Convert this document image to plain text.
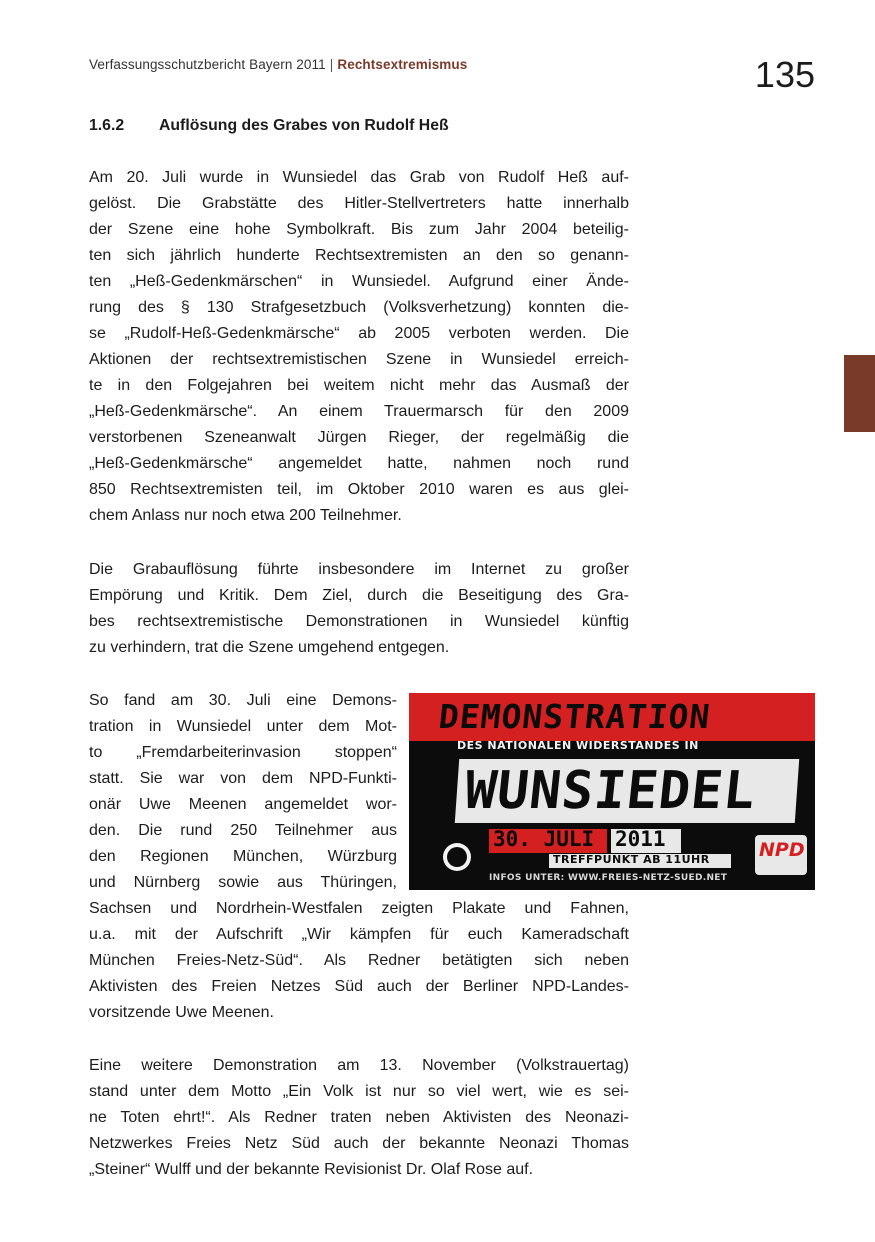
Verfassungsschutzbericht Bayern 2011 | Rechtsextremismus	135
1.6.2 Auflösung des Grabes von Rudolf Heß
Am 20. Juli wurde in Wunsiedel das Grab von Rudolf Heß auf-
gelöst. Die Grabstätte des Hitler-Stellvertreters hatte innerhalb
der Szene eine hohe Symbolkraft. Bis zum Jahr 2004 beteilig-
ten sich jährlich hunderte Rechtsextremisten an den so genann-
ten „Heß-Gedenkmärschen“ in Wunsiedel. Aufgrund einer Ände-
rung des § 130 Strafgesetzbuch (Volksverhetzung) konnten die-
se „Rudolf-Heß-Gedenkmärsche“ ab 2005 verboten werden. Die
Aktionen der rechtsextremistischen Szene in Wunsiedel erreich-
te in den Folgejahren bei weitem nicht mehr das Ausmaß der
„Heß-Gedenkmärsche“. An einem Trauermarsch für den 2009
verstorbenen Szeneanwalt Jürgen Rieger, der regelmäßig die
„Heß-Gedenkmärsche“ angemeldet hatte, nahmen noch rund
850 Rechtsextremisten teil, im Oktober 2010 waren es aus glei-
chem Anlass nur noch etwa 200 Teilnehmer.
Die Grabauflösung führte insbesondere im Internet zu großer
Empörung und Kritik. Dem Ziel, durch die Beseitigung des Gra-
bes rechtsextremistische Demonstrationen in Wunsiedel künftig
zu verhindern, trat die Szene umgehend entgegen.
So fand am 30. Juli eine Demons-
tration in Wunsiedel unter dem Mot-
to „Fremdarbeiterinvasion stoppen“
statt. Sie war von dem NPD-Funkti-
onär Uwe Meenen angemeldet wor-
den. Die rund 250 Teilnehmer aus
den Regionen München, Würzburg
und Nürnberg sowie aus Thüringen,
Sachsen und Nordrhein-Westfalen zeigten Plakate und Fahnen,
u.a. mit der Aufschrift „Wir kämpfen für euch Kameradschaft
München Freies-Netz-Süd“. Als Redner betätigten sich neben
Aktivisten des Freien Netzes Süd auch der Berliner NPD-Landes-
vorsitzende Uwe Meenen.
Eine weitere Demonstration am 13. November (Volkstrauertag)
stand unter dem Motto „Ein Volk ist nur so viel wert, wie es sei-
ne Toten ehrt!“. Als Redner traten neben Aktivisten des Neonazi-
Netzwerkes Freies Netz Süd auch der bekannte Neonazi Thomas
„Steiner“ Wulff und der bekannte Revisionist Dr. Olaf Rose auf.
DEMONSTRATION
DES NATIONALEN WIDERSTANDES IN
WUNSIEDEL
30. JULI 2011
TREFFPUNKT AB 11UHR
INFOS UNTER: WWW.FREIES-NETZ-SUED.NET
NPD
